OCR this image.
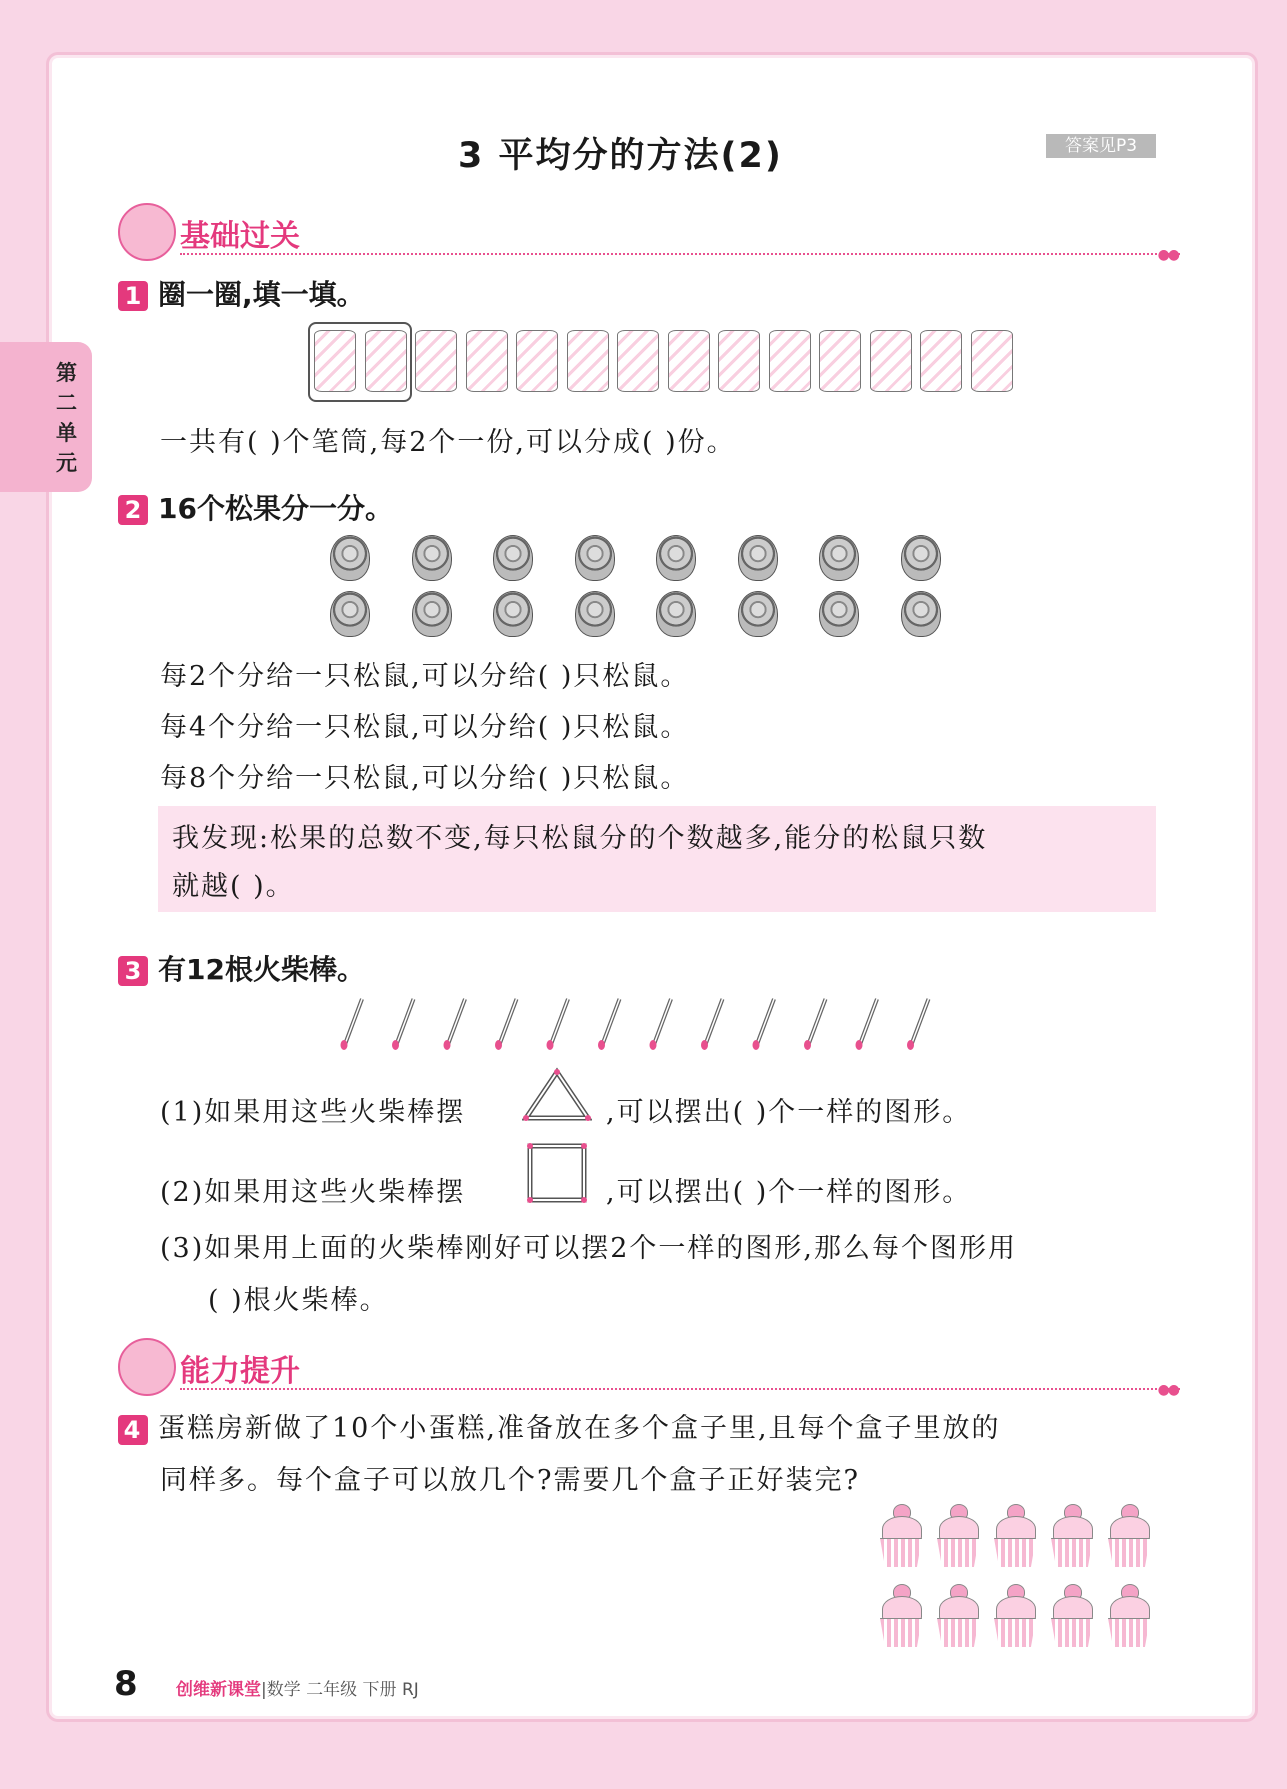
第二单元
3 平均分的方法(2)	答案见P3
基础过关
●●
1 圈一圈,填一填。
一共有( )个笔筒,每2个一份,可以分成( )份。
2 16个松果分一分。
每2个分给一只松鼠,可以分给( )只松鼠。
每4个分给一只松鼠,可以分给( )只松鼠。
每8个分给一只松鼠,可以分给( )只松鼠。
我发现:松果的总数不变,每只松鼠分的个数越多,能分的松鼠只数
就越( )。
3 有12根火柴棒。
(1)如果用这些火柴棒摆	,可以摆出( )个一样的图形。
(2)如果用这些火柴棒摆	,可以摆出( )个一样的图形。
(3)如果用上面的火柴棒刚好可以摆2个一样的图形,那么每个图形用
( )根火柴棒。
能力提升
●●
4 蛋糕房新做了10个小蛋糕,准备放在多个盒子里,且每个盒子里放的
同样多。每个盒子可以放几个?需要几个盒子正好装完?
8 创维新课堂|数学 二年级 下册 RJ
